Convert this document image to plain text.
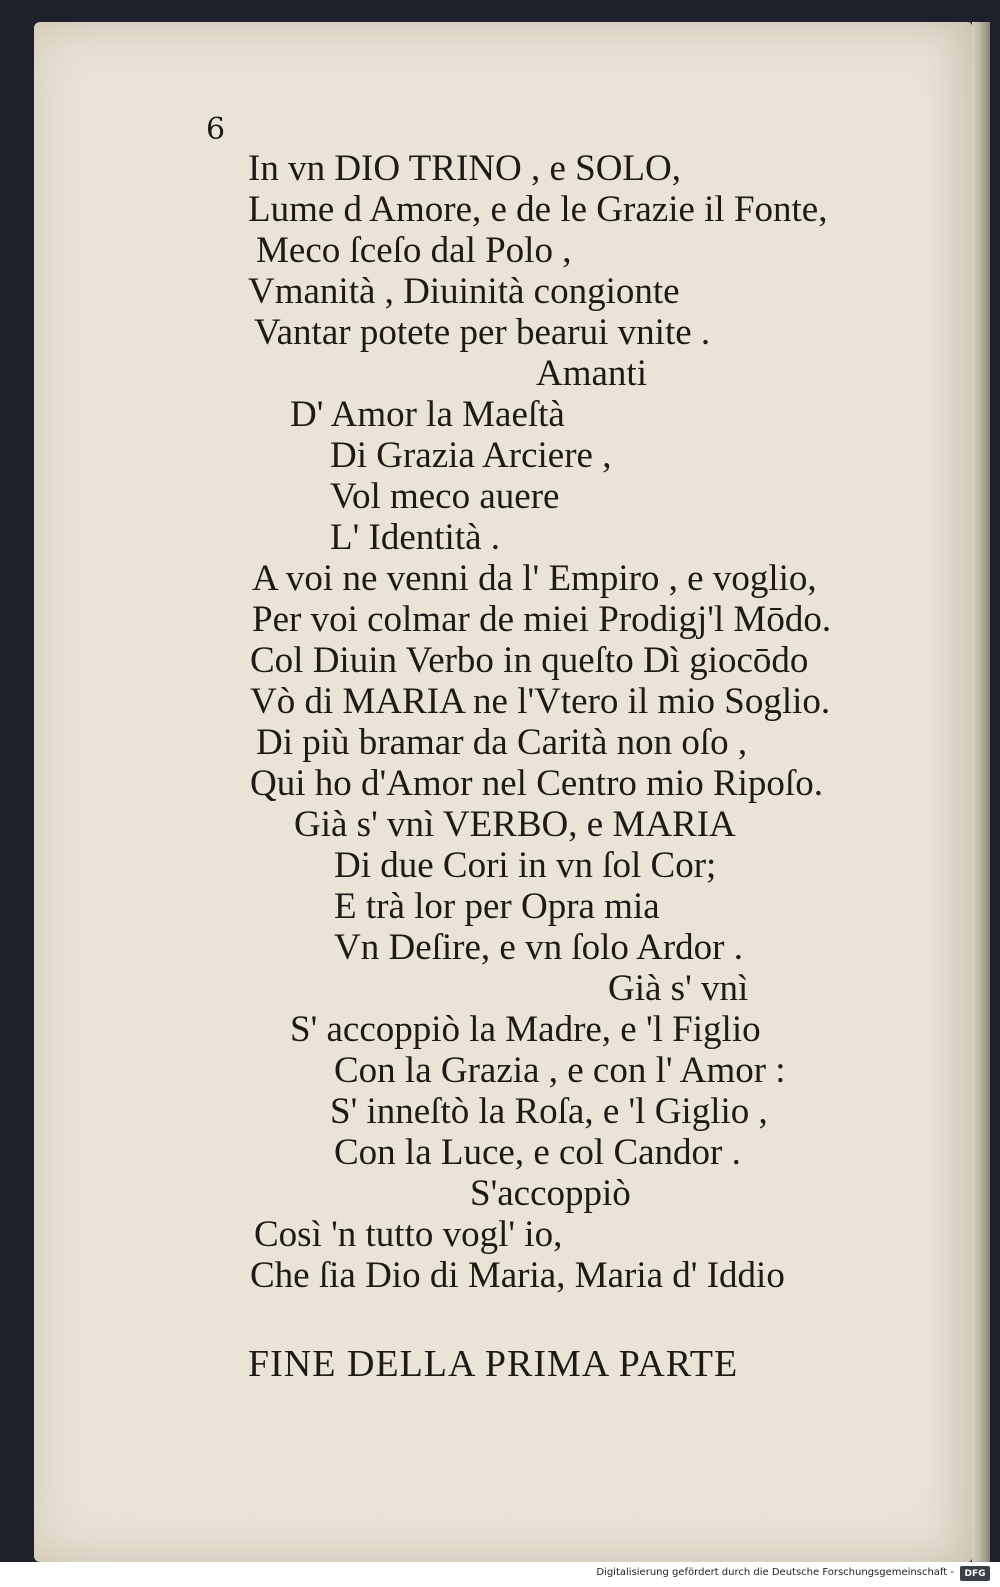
6
In vn DIO TRINO , e SOLO,
Lume d Amore, e de le Grazie il Fonte,
Meco ſceſo dal Polo ,
Vmanità , Diuinità congionte
Vantar potete per bearui vnite .
Amanti
D' Amor la Maeſtà
Di Grazia Arciere ,
Vol meco auere
L' Identità .
A voi ne venni da l' Empiro , e voglio,
Per voi colmar de miei Prodigj'l Mōdo.
Col Diuin Verbo in queſto Dì giocōdo
Vò di MARIA ne l'Vtero il mio Soglio.
Di più bramar da Carità non oſo ,
Qui ho d'Amor nel Centro mio Ripoſo.
Già s' vnì VERBO, e MARIA
Di due Cori in vn ſol Cor;
E trà lor per Opra mia
Vn Deſire, e vn ſolo Ardor .
Già s' vnì
S' accoppiò la Madre, e 'l Figlio
Con la Grazia , e con l' Amor :
S' inneſtò la Roſa, e 'l Giglio ,
Con la Luce, e col Candor .
S'accoppiò
Così 'n tutto vogl' io,
Che ſia Dio di Maria, Maria d' Iddio
FINE DELLA PRIMA PARTE
Digitalisierung gefördert durch die Deutsche Forschungsgemeinschaft -	DFG
